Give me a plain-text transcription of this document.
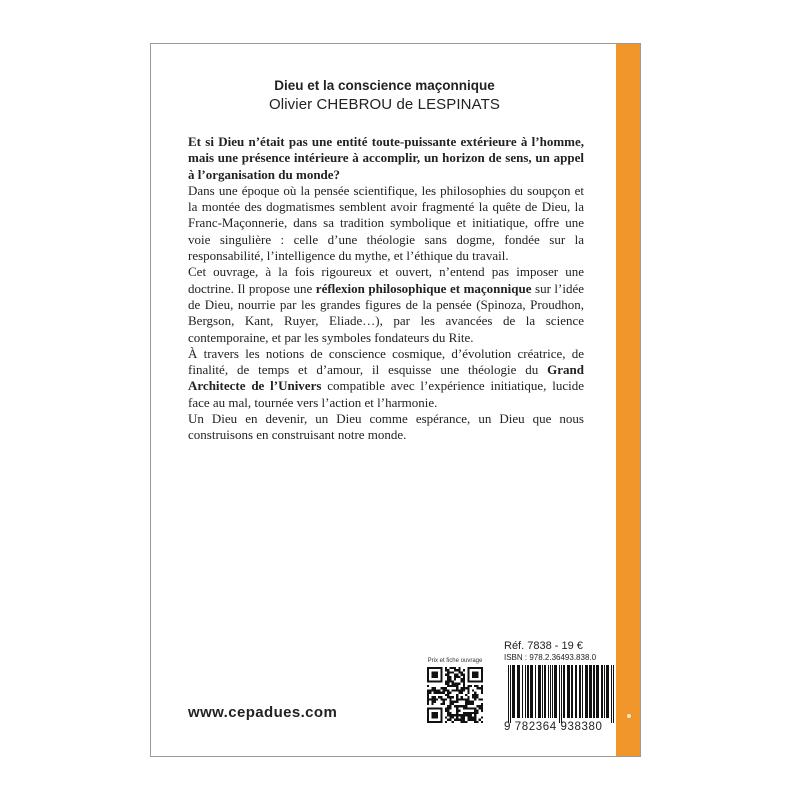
Dieu et la conscience maçonnique
Olivier CHEBROU de LESPINATS

Et si Dieu n’était pas une entité toute-puissante extérieure à l’homme, mais une présence intérieure à accomplir, un horizon de sens, un appel à l’organisation du monde?

Dans une époque où la pensée scientifique, les philosophies du soupçon et la montée des dogmatismes semblent avoir fragmenté la quête de Dieu, la Franc-Maçonnerie, dans sa tradition symbolique et initiatique, offre une voie singulière : celle d’une théologie sans dogme, fondée sur la responsabilité, l’intelligence du mythe, et l’éthique du travail.

Cet ouvrage, à la fois rigoureux et ouvert, n’entend pas imposer une doctrine. Il propose une réflexion philosophique et maçonnique sur l’idée de Dieu, nourrie par les grandes figures de la pensée (Spinoza, Proudhon, Bergson, Kant, Ruyer, Eliade…), par les avancées de la science contemporaine, et par les symboles fondateurs du Rite.

À travers les notions de conscience cosmique, d’évolution créatrice, de finalité, de temps et d’amour, il esquisse une théologie du Grand Architecte de l’Univers compatible avec l’expérience initiatique, lucide face au mal, tournée vers l’action et l’harmonie.

Un Dieu en devenir, un Dieu comme espérance, un Dieu que nous construisons en construisant notre monde.

www.cepadues.com
Prix et fiche ouvrage
Réf. 7838 - 19 €
ISBN : 978.2.36493.838.0
9 782364 938380
